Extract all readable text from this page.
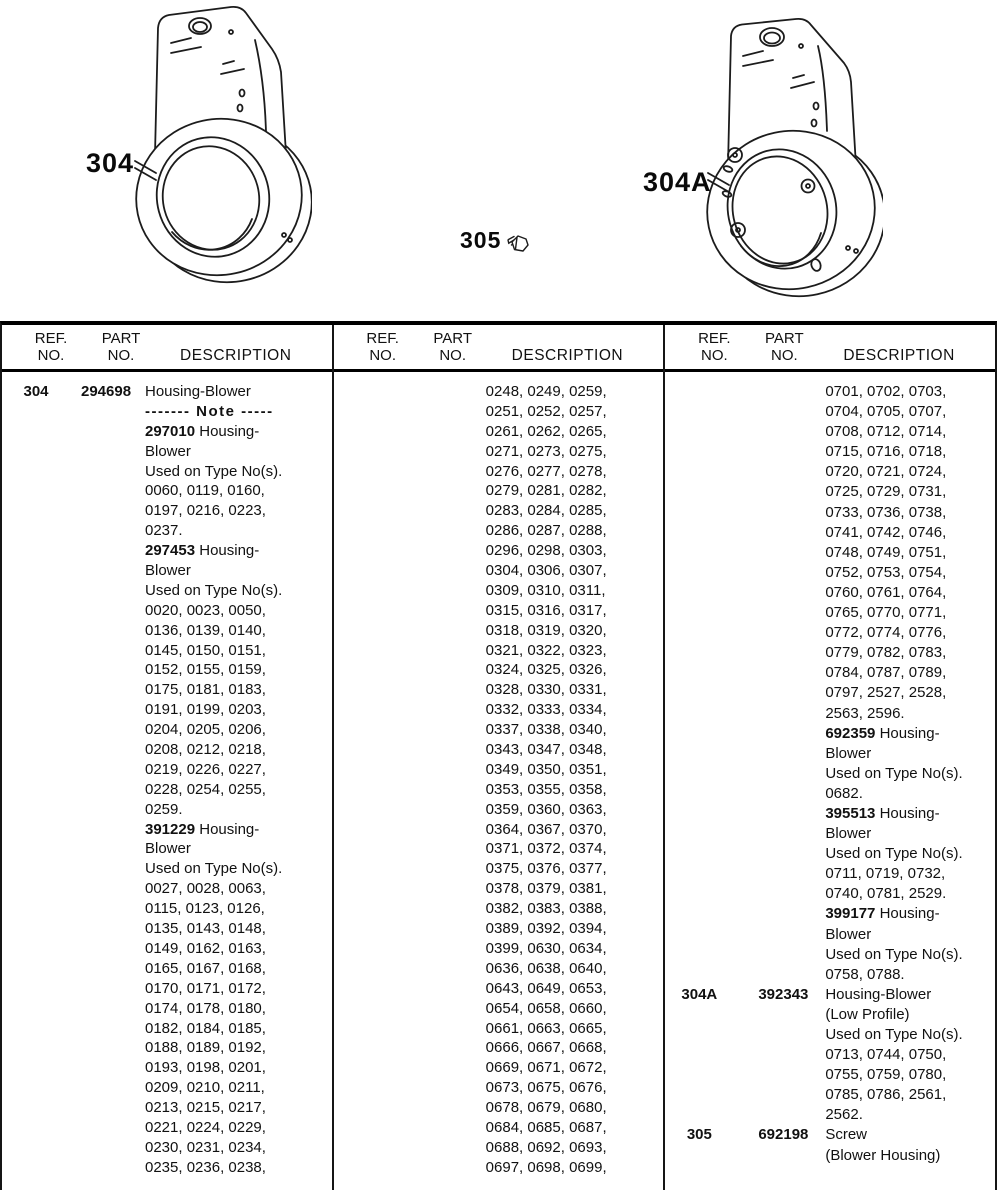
304
305
304A
REF.
NO.
PART
NO.	DESCRIPTION
304	294698 Housing-Blower
------- Note -----
297010 Housing-
Blower
Used on Type No(s).
0060, 0119, 0160,
0197, 0216, 0223,
0237.
297453 Housing-
Blower
Used on Type No(s).
0020, 0023, 0050,
0136, 0139, 0140,
0145, 0150, 0151,
0152, 0155, 0159,
0175, 0181, 0183,
0191, 0199, 0203,
0204, 0205, 0206,
0208, 0212, 0218,
0219, 0226, 0227,
0228, 0254, 0255,
0259.
391229 Housing-
Blower
Used on Type No(s).
0027, 0028, 0063,
0115, 0123, 0126,
0135, 0143, 0148,
0149, 0162, 0163,
0165, 0167, 0168,
0170, 0171, 0172,
0174, 0178, 0180,
0182, 0184, 0185,
0188, 0189, 0192,
0193, 0198, 0201,
0209, 0210, 0211,
0213, 0215, 0217,
0221, 0224, 0229,
0230, 0231, 0234,
0235, 0236, 0238,
REF.
NO.
PART
NO.	DESCRIPTION
0248, 0249, 0259,
0251, 0252, 0257,
0261, 0262, 0265,
0271, 0273, 0275,
0276, 0277, 0278,
0279, 0281, 0282,
0283, 0284, 0285,
0286, 0287, 0288,
0296, 0298, 0303,
0304, 0306, 0307,
0309, 0310, 0311,
0315, 0316, 0317,
0318, 0319, 0320,
0321, 0322, 0323,
0324, 0325, 0326,
0328, 0330, 0331,
0332, 0333, 0334,
0337, 0338, 0340,
0343, 0347, 0348,
0349, 0350, 0351,
0353, 0355, 0358,
0359, 0360, 0363,
0364, 0367, 0370,
0371, 0372, 0374,
0375, 0376, 0377,
0378, 0379, 0381,
0382, 0383, 0388,
0389, 0392, 0394,
0399, 0630, 0634,
0636, 0638, 0640,
0643, 0649, 0653,
0654, 0658, 0660,
0661, 0663, 0665,
0666, 0667, 0668,
0669, 0671, 0672,
0673, 0675, 0676,
0678, 0679, 0680,
0684, 0685, 0687,
0688, 0692, 0693,
0697, 0698, 0699,
REF.
NO.
PART
NO.	DESCRIPTION
0701, 0702, 0703,
0704, 0705, 0707,
0708, 0712, 0714,
0715, 0716, 0718,
0720, 0721, 0724,
0725, 0729, 0731,
0733, 0736, 0738,
0741, 0742, 0746,
0748, 0749, 0751,
0752, 0753, 0754,
0760, 0761, 0764,
0765, 0770, 0771,
0772, 0774, 0776,
0779, 0782, 0783,
0784, 0787, 0789,
0797, 2527, 2528,
2563, 2596.
692359 Housing-
Blower
Used on Type No(s).
0682.
395513 Housing-
Blower
Used on Type No(s).
0711, 0719, 0732,
0740, 0781, 2529.
399177 Housing-
Blower
Used on Type No(s).
0758, 0788.
304A	392343	Housing-Blower
(Low Profile)
Used on Type No(s).
0713, 0744, 0750,
0755, 0759, 0780,
0785, 0786, 2561,
2562.
305	692198	Screw
(Blower Housing)
